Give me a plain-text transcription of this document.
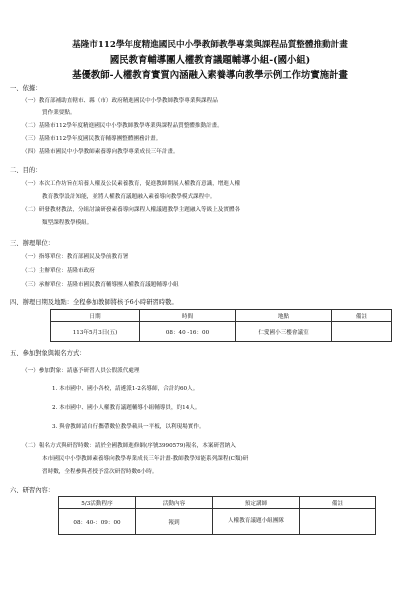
基隆市112學年度精進國民中小學教師教學專業與課程品質整體推動計畫
國民教育輔導團人權教育議題輔導小組-(國小組)
基優教師-人權教育實質內涵融入素養導向教學示例工作坊實施計畫
一、依據：
（一）教育部補助直轄市、縣（市）政府精進國民中小學教師教學專業與課程品
質作業要點。
（二）基隆市112學年度精進國民中小學教師教學專業與課程品質整體推動計畫。
（三）基隆市112學年度國民教育輔導團整體團務計畫。
（四）基隆市國民中小學教師素養導向教學專業成長三年計畫。
二、目的：
（一）本次工作坊旨在培養人權及公民素養教育，促進教師開展人權教育意識，增進人權
教育教學設計知能，並將人權教育議題融入素養導向教學模式課程中。
（二）研發教材教法，分組討論研發素養導向課程人權議題教學主題融入等級上及實體各
類型課程教學模組。
三、辦理單位：
（一）指導單位：教育部國民及學前教育署
（二）主辦單位：基隆市政府
（三）承辦單位：基隆市國民教育輔導團人權教育議題輔導小組
四、辦理日期及地點：全程參加教師將核予6小時研習時數。
日期	時間	地點	備註
113年5月3日(五)	08：40 -16：00	仁愛國小三樓會議室	
五、參加對象與報名方式：
（一）參加對象：請惠予研習人員公假派代處理
1. 本市國中、國小各校，請遴派1-2名導師，合計約60人。
2. 本市國中、國小人權教育議題輔導小組輔導員，約14人。
3. 與會教師請自行攜帶數位教學載具一平板，以利現場實作。
（二）報名方式與研習時數：請於全國教師進修網(序號3990579)報名，本案研習納入
本市國民中小學教師素養導向教學專業成長三年計畫-教師教學知能系列課程(C類)研
習時數，全程參與者授予當次研習時數6小時。
六、研習內容：
5/3活動程序	活動內容	預定講師	備註
08：40-：09：00	報到	人權教育議題小組團隊	
